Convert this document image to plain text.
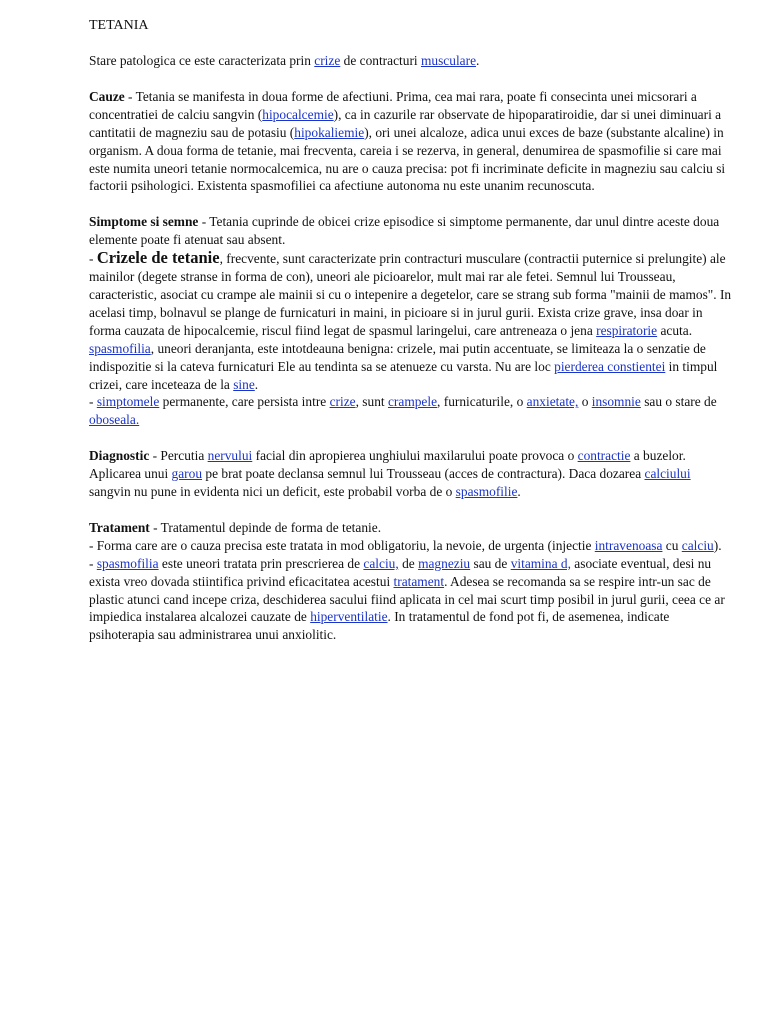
TETANIA

Stare patologica ce este caracterizata prin crize de contracturi musculare.

Cauze - Tetania se manifesta in doua forme de afectiuni. Prima, cea mai rara, poate fi consecinta unei micsorari a concentratiei de calciu sangvin (hipocalcemie), ca in cazurile rar observate de hipoparatiroidie, dar si unei diminuari a cantitatii de magneziu sau de potasiu (hipokaliemie), ori unei alcaloze, adica unui exces de baze (substante alcaline) in organism. A doua forma de tetanie, mai frecventa, careia i se rezerva, in general, denumirea de spasmofilie si care mai este numita uneori tetanie normocalcemica, nu are o cauza precisa: pot fi incriminate deficite in magneziu sau calciu si factorii psihologici. Existenta spasmofiliei ca afectiune autonoma nu este unanim recunoscuta.

Simptome si semne - Tetania cuprinde de obicei crize episodice si simptome permanente, dar unul dintre aceste doua elemente poate fi atenuat sau absent.
- Crizele de tetanie, frecvente, sunt caracterizate prin contracturi musculare (contractii puternice si prelungite) ale mainilor (degete stranse in forma de con), uneori ale picioarelor, mult mai rar ale fetei. Semnul lui Trousseau, caracteristic, asociat cu crampe ale mainii si cu o intepenire a degetelor, care se strang sub forma "mainii de mamos". In acelasi timp, bolnavul se plange de furnicaturi in maini, in picioare si in jurul gurii. Exista crize grave, insa doar in forma cauzata de hipocalcemie, riscul fiind legat de spasmul laringelui, care antreneaza o jena respiratorie acuta. spasmofilia, uneori deranjanta, este intotdeauna benigna: crizele, mai putin accentuate, se limiteaza la o senzatie de indispozitie si la cateva furnicaturi Ele au tendinta sa se atenueze cu varsta. Nu are loc pierderea constientei in timpul crizei, care inceteaza de la sine.
- simptomele permanente, care persista intre crize, sunt crampele, furnicaturile, o anxietate, o insomnie sau o stare de oboseala.

Diagnostic - Percutia nervului facial din apropierea unghiului maxilarului poate provoca o contractie a buzelor. Aplicarea unui garou pe brat poate declansa semnul lui Trousseau (acces de contractura). Daca dozarea calciului sangvin nu pune in evidenta nici un deficit, este probabil vorba de o spasmofilie.

Tratament - Tratamentul depinde de forma de tetanie.
- Forma care are o cauza precisa este tratata in mod obligatoriu, la nevoie, de urgenta (injectie intravenoasa cu calciu).
- spasmofilia este uneori tratata prin prescrierea de calciu, de magneziu sau de vitamina d, asociate eventual, desi nu exista vreo dovada stiintifica privind eficacitatea acestui tratament. Adesea se recomanda sa se respire intr-un sac de plastic atunci cand incepe criza, deschiderea sacului fiind aplicata in cel mai scurt timp posibil in jurul gurii, ceea ce ar impiedica instalarea alcalozei cauzate de hiperventilatie. In tratamentul de fond pot fi, de asemenea, indicate psihoterapia sau administrarea unui anxiolitic.
